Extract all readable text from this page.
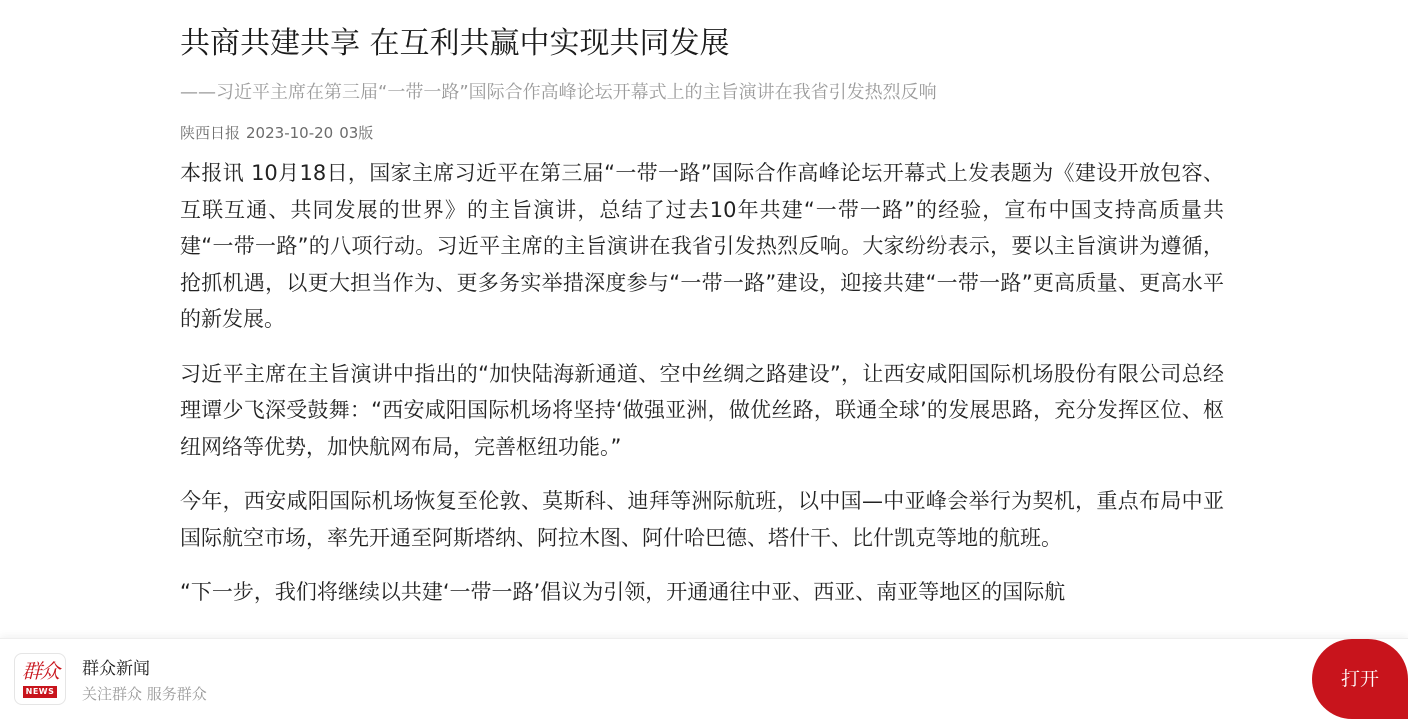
共商共建共享 在互利共赢中实现共同发展
——习近平主席在第三届“一带一路”国际合作高峰论坛开幕式上的主旨演讲在我省引发热烈反响
陕西日报 2023-10-20 03版

本报讯 10月18日，国家主席习近平在第三届“一带一路”国际合作高峰论坛开幕式上发表题为《建设开放包容、互联互通、共同发展的世界》的主旨演讲，总结了过去10年共建“一带一路”的经验，宣布中国支持高质量共建“一带一路”的八项行动。习近平主席的主旨演讲在我省引发热烈反响。大家纷纷表示，要以主旨演讲为遵循，抢抓机遇，以更大担当作为、更多务实举措深度参与“一带一路”建设，迎接共建“一带一路”更高质量、更高水平的新发展。

习近平主席在主旨演讲中指出的“加快陆海新通道、空中丝绸之路建设”，让西安咸阳国际机场股份有限公司总经理谭少飞深受鼓舞：“西安咸阳国际机场将坚持‘做强亚洲，做优丝路，联通全球’的发展思路，充分发挥区位、枢纽网络等优势，加快航网布局，完善枢纽功能。”

今年，西安咸阳国际机场恢复至伦敦、莫斯科、迪拜等洲际航班，以中国—中亚峰会举行为契机，重点布局中亚国际航空市场，率先开通至阿斯塔纳、阿拉木图、阿什哈巴德、塔什干、比什凯克等地的航班。

“下一步，我们将继续以共建‘一带一路’倡议为引领，开通通往中亚、西亚、南亚等地区的国际航

群众
NEWS
群众新闻
关注群众 服务群众
打开
